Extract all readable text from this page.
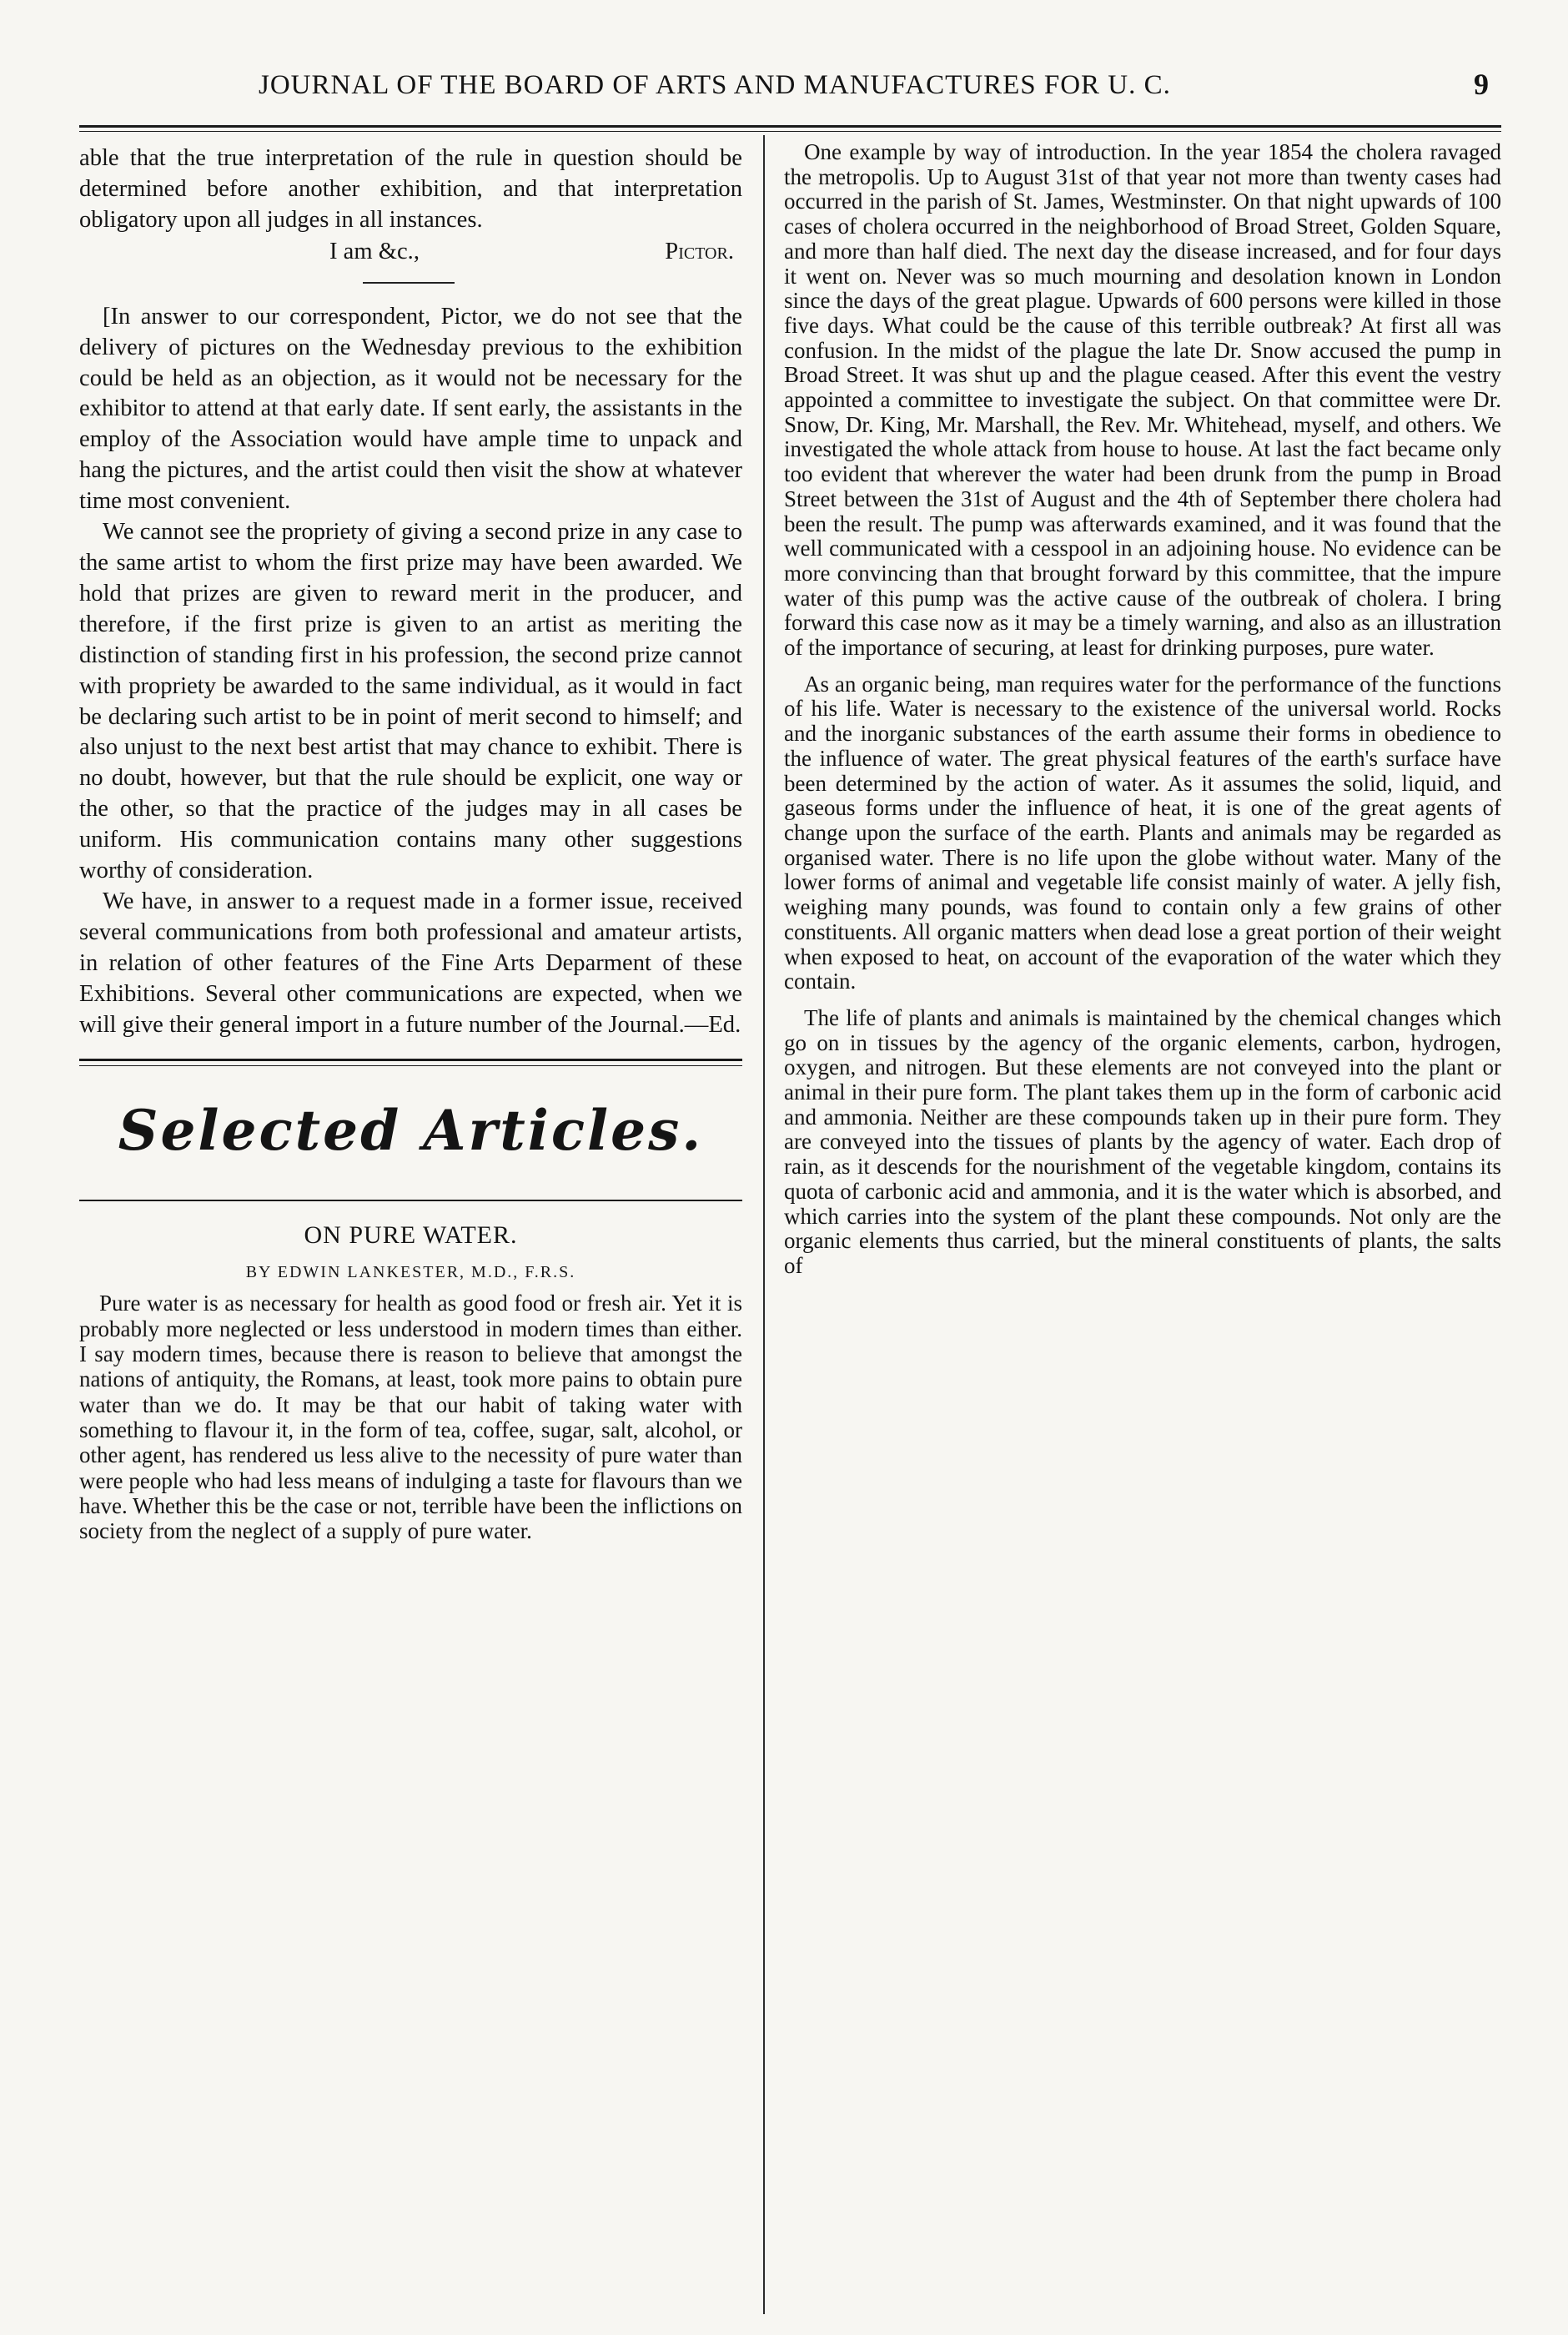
JOURNAL OF THE BOARD OF ARTS AND MANUFACTURES FOR U. C.	9

able that the true interpretation of the rule in question should be determined before another exhibition, and that interpretation obligatory upon all judges in all instances.

I am &c.,	Pictor.

[In answer to our correspondent, Pictor, we do not see that the delivery of pictures on the Wednesday previous to the exhibition could be held as an objection, as it would not be necessary for the exhibitor to attend at that early date. If sent early, the assistants in the employ of the Association would have ample time to unpack and hang the pictures, and the artist could then visit the show at whatever time most convenient.

We cannot see the propriety of giving a second prize in any case to the same artist to whom the first prize may have been awarded. We hold that prizes are given to reward merit in the producer, and therefore, if the first prize is given to an artist as meriting the distinction of standing first in his profession, the second prize cannot with propriety be awarded to the same individual, as it would in fact be declaring such artist to be in point of merit second to himself; and also unjust to the next best artist that may chance to exhibit. There is no doubt, however, but that the rule should be explicit, one way or the other, so that the practice of the judges may in all cases be uniform. His communication contains many other suggestions worthy of consideration.

We have, in answer to a request made in a former issue, received several communications from both professional and amateur artists, in relation of other features of the Fine Arts Deparment of these Exhibitions. Several other communications are expected, when we will give their general import in a future number of the Journal.—Ed.

Selected Articles.
ON PURE WATER.
BY EDWIN LANKESTER, M.D., F.R.S.

Pure water is as necessary for health as good food or fresh air. Yet it is probably more neglected or less understood in modern times than either. I say modern times, because there is reason to believe that amongst the nations of antiquity, the Romans, at least, took more pains to obtain pure water than we do. It may be that our habit of taking water with something to flavour it, in the form of tea, coffee, sugar, salt, alcohol, or other agent, has rendered us less alive to the necessity of pure water than were people who had less means of indulging a taste for flavours than we have. Whether this be the case or not, terrible have been the inflictions on society from the neglect of a supply of pure water.

One example by way of introduction. In the year 1854 the cholera ravaged the metropolis. Up to August 31st of that year not more than twenty cases had occurred in the parish of St. James, Westminster. On that night upwards of 100 cases of cholera occurred in the neighborhood of Broad Street, Golden Square, and more than half died. The next day the disease increased, and for four days it went on. Never was so much mourning and desolation known in London since the days of the great plague. Upwards of 600 persons were killed in those five days. What could be the cause of this terrible outbreak? At first all was confusion. In the midst of the plague the late Dr. Snow accused the pump in Broad Street. It was shut up and the plague ceased. After this event the vestry appointed a committee to investigate the subject. On that committee were Dr. Snow, Dr. King, Mr. Marshall, the Rev. Mr. Whitehead, myself, and others. We investigated the whole attack from house to house. At last the fact became only too evident that wherever the water had been drunk from the pump in Broad Street between the 31st of August and the 4th of September there cholera had been the result. The pump was afterwards examined, and it was found that the well communicated with a cesspool in an adjoining house. No evidence can be more convincing than that brought forward by this committee, that the impure water of this pump was the active cause of the outbreak of cholera. I bring forward this case now as it may be a timely warning, and also as an illustration of the importance of securing, at least for drinking purposes, pure water.

As an organic being, man requires water for the performance of the functions of his life. Water is necessary to the existence of the universal world. Rocks and the inorganic substances of the earth assume their forms in obedience to the influence of water. The great physical features of the earth's surface have been determined by the action of water. As it assumes the solid, liquid, and gaseous forms under the influence of heat, it is one of the great agents of change upon the surface of the earth. Plants and animals may be regarded as organised water. There is no life upon the globe without water. Many of the lower forms of animal and vegetable life consist mainly of water. A jelly fish, weighing many pounds, was found to contain only a few grains of other constituents. All organic matters when dead lose a great portion of their weight when exposed to heat, on account of the evaporation of the water which they contain.

The life of plants and animals is maintained by the chemical changes which go on in tissues by the agency of the organic elements, carbon, hydrogen, oxygen, and nitrogen. But these elements are not conveyed into the plant or animal in their pure form. The plant takes them up in the form of carbonic acid and ammonia. Neither are these compounds taken up in their pure form. They are conveyed into the tissues of plants by the agency of water. Each drop of rain, as it descends for the nourishment of the vegetable kingdom, contains its quota of carbonic acid and ammonia, and it is the water which is absorbed, and which carries into the system of the plant these compounds. Not only are the organic elements thus carried, but the mineral constituents of plants, the salts of
